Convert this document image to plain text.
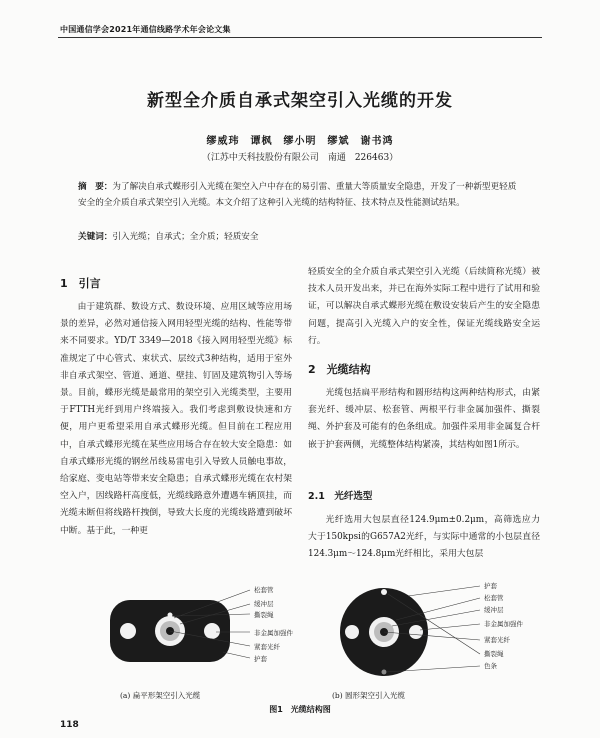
中国通信学会2021年通信线路学术年会论文集
新型全介质自承式架空引入光缆的开发
缪威玮　谭枫　缪小明　缪斌　谢书鸿
（江苏中天科技股份有限公司　南通　226463）
摘　要：为了解决自承式蝶形引入光缆在架空入户中存在的易引雷、重量大等质量安全隐患，开发了一种新型更轻质安全的全介质自承式架空引入光缆。本文介绍了这种引入光缆的结构特征、技术特点及性能测试结果。
关键词：引入光缆；自承式；全介质；轻质安全
1　引言
由于建筑群、数设方式、数设环境、应用区域等应用场景的差异，必然对通信接入网用轻型光缆的结构、性能等带来不同要求。YD/T 3349—2018《接入网用轻型光缆》标准规定了中心管式、束状式、层绞式3种结构，适用于室外非自承式架空、管道、通道、壁挂、钉固及建筑物引入等场景。目前，蝶形光缆是最常用的架空引入光缆类型，主要用于FTTH光纤到用户终端接入。我们考虑到敷设快速和方便，用户更希望采用自承式蝶形光缆。但目前在工程应用中，自承式蝶形光缆在某些应用场合存在较大安全隐患：如自承式蝶形光缆的钢丝吊线易雷电引入导致人员触电事故，给家庭、变电站等带来安全隐患；自承式蝶形光缆在农村架空入户，因线路杆高度低，光缆线路意外遭遇车辆顶挂，而光缆未断但将线路杆拽倒，导致大长度的光缆线路遭到破坏中断。基于此，一种更
轻质安全的全介质自承式架空引入光缆（后续简称光缆）被技术人员开发出来，并已在海外实际工程中进行了试用和验证，可以解决自承式蝶形光缆在敷设安装后产生的安全隐患问题，提高引入光缆入户的安全性，保证光缆线路安全运行。
2　光缆结构
光缆包括扁平形结构和圆形结构这两种结构形式，由紧套光纤、缓冲层、松套管、两根平行非金属加强件、撕裂绳、外护套及可能有的色条组成。加强件采用非金属复合杆嵌于护套两侧，光缆整体结构紧凑，其结构如图1所示。
2.1　光纤选型
光纤选用大包层直径124.9μm±0.2μm，高筛选应力大于150kpsi的G657A2光纤，与实际中通常的小包层直径124.3μm～124.8μm光纤相比，采用大包层
松套管
缓冲层
撕裂绳
非金属加强件
紧套光纤
护套
护套
松套管
缓冲层
非金属加强件
紧套光纤
撕裂绳
色条
(a) 扁平形架空引入光缆	(b) 圆形架空引入光缆
图1　光缆结构图
118
